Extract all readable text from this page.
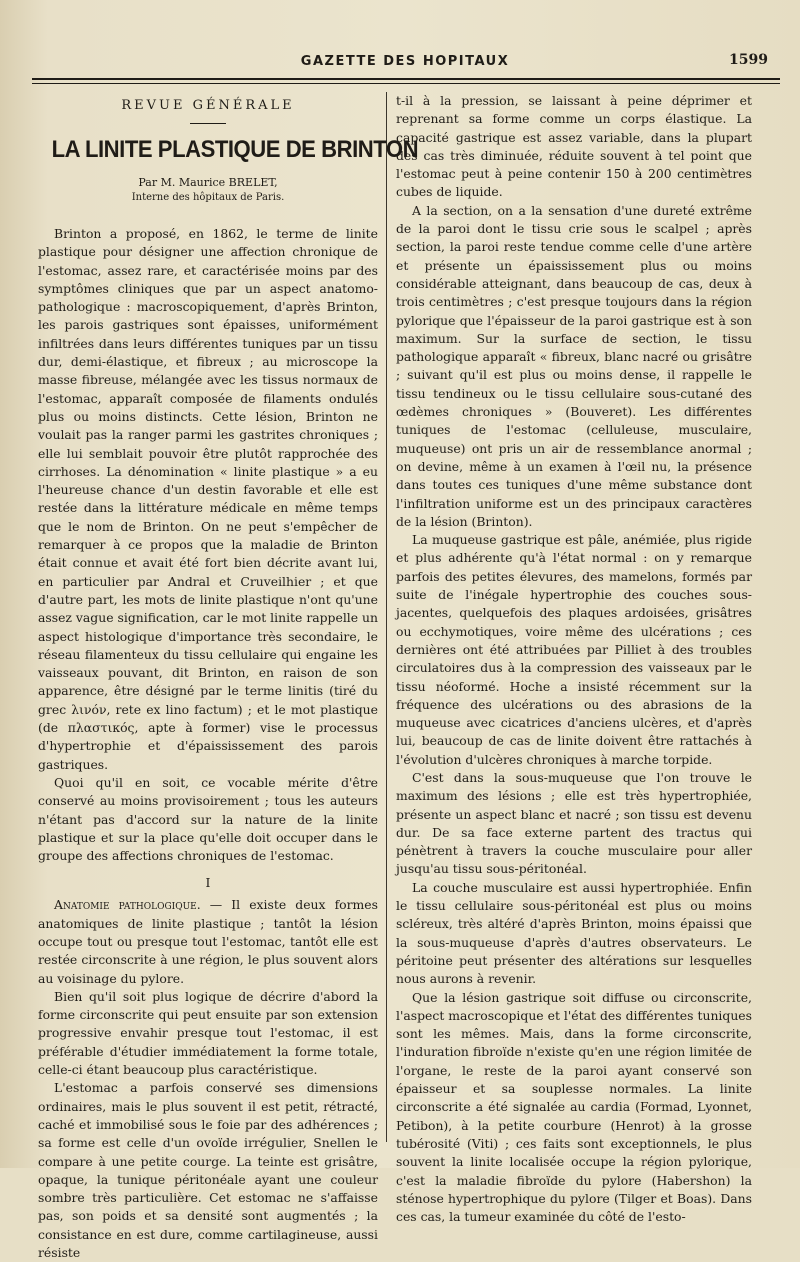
GAZETTE DES HOPITAUX	1599
REVUE GÉNÉRALE
LA LINITE PLASTIQUE DE BRINTON
Par M. Maurice BRELET,
Interne des hôpitaux de Paris.

Brinton a proposé, en 1862, le terme de linite plastique pour désigner une affection chronique de l'estomac, assez rare, et caractérisée moins par des symptômes cliniques que par un aspect anatomo-pathologique : macroscopiquement, d'après Brinton, les parois gastriques sont épaisses, uniformément infiltrées dans leurs différentes tuniques par un tissu dur, demi-élastique, et fibreux ; au microscope la masse fibreuse, mélangée avec les tissus normaux de l'estomac, apparaît composée de filaments ondulés plus ou moins distincts. Cette lésion, Brinton ne voulait pas la ranger parmi les gastrites chroniques ; elle lui semblait pouvoir être plutôt rapprochée des cirrhoses. La dénomination « linite plastique » a eu l'heureuse chance d'un destin favorable et elle est restée dans la littérature médicale en même temps que le nom de Brinton. On ne peut s'empêcher de remarquer à ce propos que la maladie de Brinton était connue et avait été fort bien décrite avant lui, en particulier par Andral et Cruveilhier ; et que d'autre part, les mots de linite plastique n'ont qu'une assez vague signification, car le mot linite rappelle un aspect histologique d'importance très secondaire, le réseau filamenteux du tissu cellulaire qui engaine les vaisseaux pouvant, dit Brinton, en raison de son apparence, être désigné par le terme linitis (tiré du grec λινόν, rete ex lino factum) ; et le mot plastique (de πλαστικός, apte à former) vise le processus d'hypertrophie et d'épaississement des parois gastriques.

Quoi qu'il en soit, ce vocable mérite d'être conservé au moins provisoirement ; tous les auteurs n'étant pas d'accord sur la nature de la linite plastique et sur la place qu'elle doit occuper dans le groupe des affections chroniques de l'estomac.

I

Anatomie pathologique. — Il existe deux formes anatomiques de linite plastique ; tantôt la lésion occupe tout ou presque tout l'estomac, tantôt elle est restée circonscrite à une région, le plus souvent alors au voisinage du pylore.

Bien qu'il soit plus logique de décrire d'abord la forme circonscrite qui peut ensuite par son extension progressive envahir presque tout l'estomac, il est préférable d'étudier immédiatement la forme totale, celle-ci étant beaucoup plus caractéristique.

L'estomac a parfois conservé ses dimensions ordinaires, mais le plus souvent il est petit, rétracté, caché et immobilisé sous le foie par des adhérences ; sa forme est celle d'un ovoïde irrégulier, Snellen le compare à une petite courge. La teinte est grisâtre, opaque, la tunique péritonéale ayant une couleur sombre très particulière. Cet estomac ne s'affaisse pas, son poids et sa densité sont augmentés ; la consistance en est dure, comme cartilagineuse, aussi résiste

t-il à la pression, se laissant à peine déprimer et reprenant sa forme comme un corps élastique. La capacité gastrique est assez variable, dans la plupart des cas très diminuée, réduite souvent à tel point que l'estomac peut à peine contenir 150 à 200 centimètres cubes de liquide.

A la section, on a la sensation d'une dureté extrême de la paroi dont le tissu crie sous le scalpel ; après section, la paroi reste tendue comme celle d'une artère et présente un épaississement plus ou moins considérable atteignant, dans beaucoup de cas, deux à trois centimètres ; c'est presque toujours dans la région pylorique que l'épaisseur de la paroi gastrique est à son maximum. Sur la surface de section, le tissu pathologique apparaît « fibreux, blanc nacré ou grisâtre ; suivant qu'il est plus ou moins dense, il rappelle le tissu tendineux ou le tissu cellulaire sous-cutané des œdèmes chroniques » (Bouveret). Les différentes tuniques de l'estomac (celluleuse, musculaire, muqueuse) ont pris un air de ressemblance anormal ; on devine, même à un examen à l'œil nu, la présence dans toutes ces tuniques d'une même substance dont l'infiltration uniforme est un des principaux caractères de la lésion (Brinton).

La muqueuse gastrique est pâle, anémiée, plus rigide et plus adhérente qu'à l'état normal : on y remarque parfois des petites élevures, des mamelons, formés par suite de l'inégale hypertrophie des couches sous-jacentes, quelquefois des plaques ardoisées, grisâtres ou ecchymotiques, voire même des ulcérations ; ces dernières ont été attribuées par Pilliet à des troubles circulatoires dus à la compression des vaisseaux par le tissu néoformé. Hoche a insisté récemment sur la fréquence des ulcérations ou des abrasions de la muqueuse avec cicatrices d'anciens ulcères, et d'après lui, beaucoup de cas de linite doivent être rattachés à l'évolution d'ulcères chroniques à marche torpide.

C'est dans la sous-muqueuse que l'on trouve le maximum des lésions ; elle est très hypertrophiée, présente un aspect blanc et nacré ; son tissu est devenu dur. De sa face externe partent des tractus qui pénètrent à travers la couche musculaire pour aller jusqu'au tissu sous-péritonéal.

La couche musculaire est aussi hypertrophiée. Enfin le tissu cellulaire sous-péritonéal est plus ou moins scléreux, très altéré d'après Brinton, moins épaissi que la sous-muqueuse d'après d'autres observateurs. Le péritoine peut présenter des altérations sur lesquelles nous aurons à revenir.

Que la lésion gastrique soit diffuse ou circonscrite, l'aspect macroscopique et l'état des différentes tuniques sont les mêmes. Mais, dans la forme circonscrite, l'induration fibroïde n'existe qu'en une région limitée de l'organe, le reste de la paroi ayant conservé son épaisseur et sa souplesse normales. La linite circonscrite a été signalée au cardia (Formad, Lyonnet, Petibon), à la petite courbure (Henrot) à la grosse tubérosité (Viti) ; ces faits sont exceptionnels, le plus souvent la linite localisée occupe la région pylorique, c'est la maladie fibroïde du pylore (Habershon) la sténose hypertrophique du pylore (Tilger et Boas). Dans ces cas, la tumeur examinée du côté de l'esto-
